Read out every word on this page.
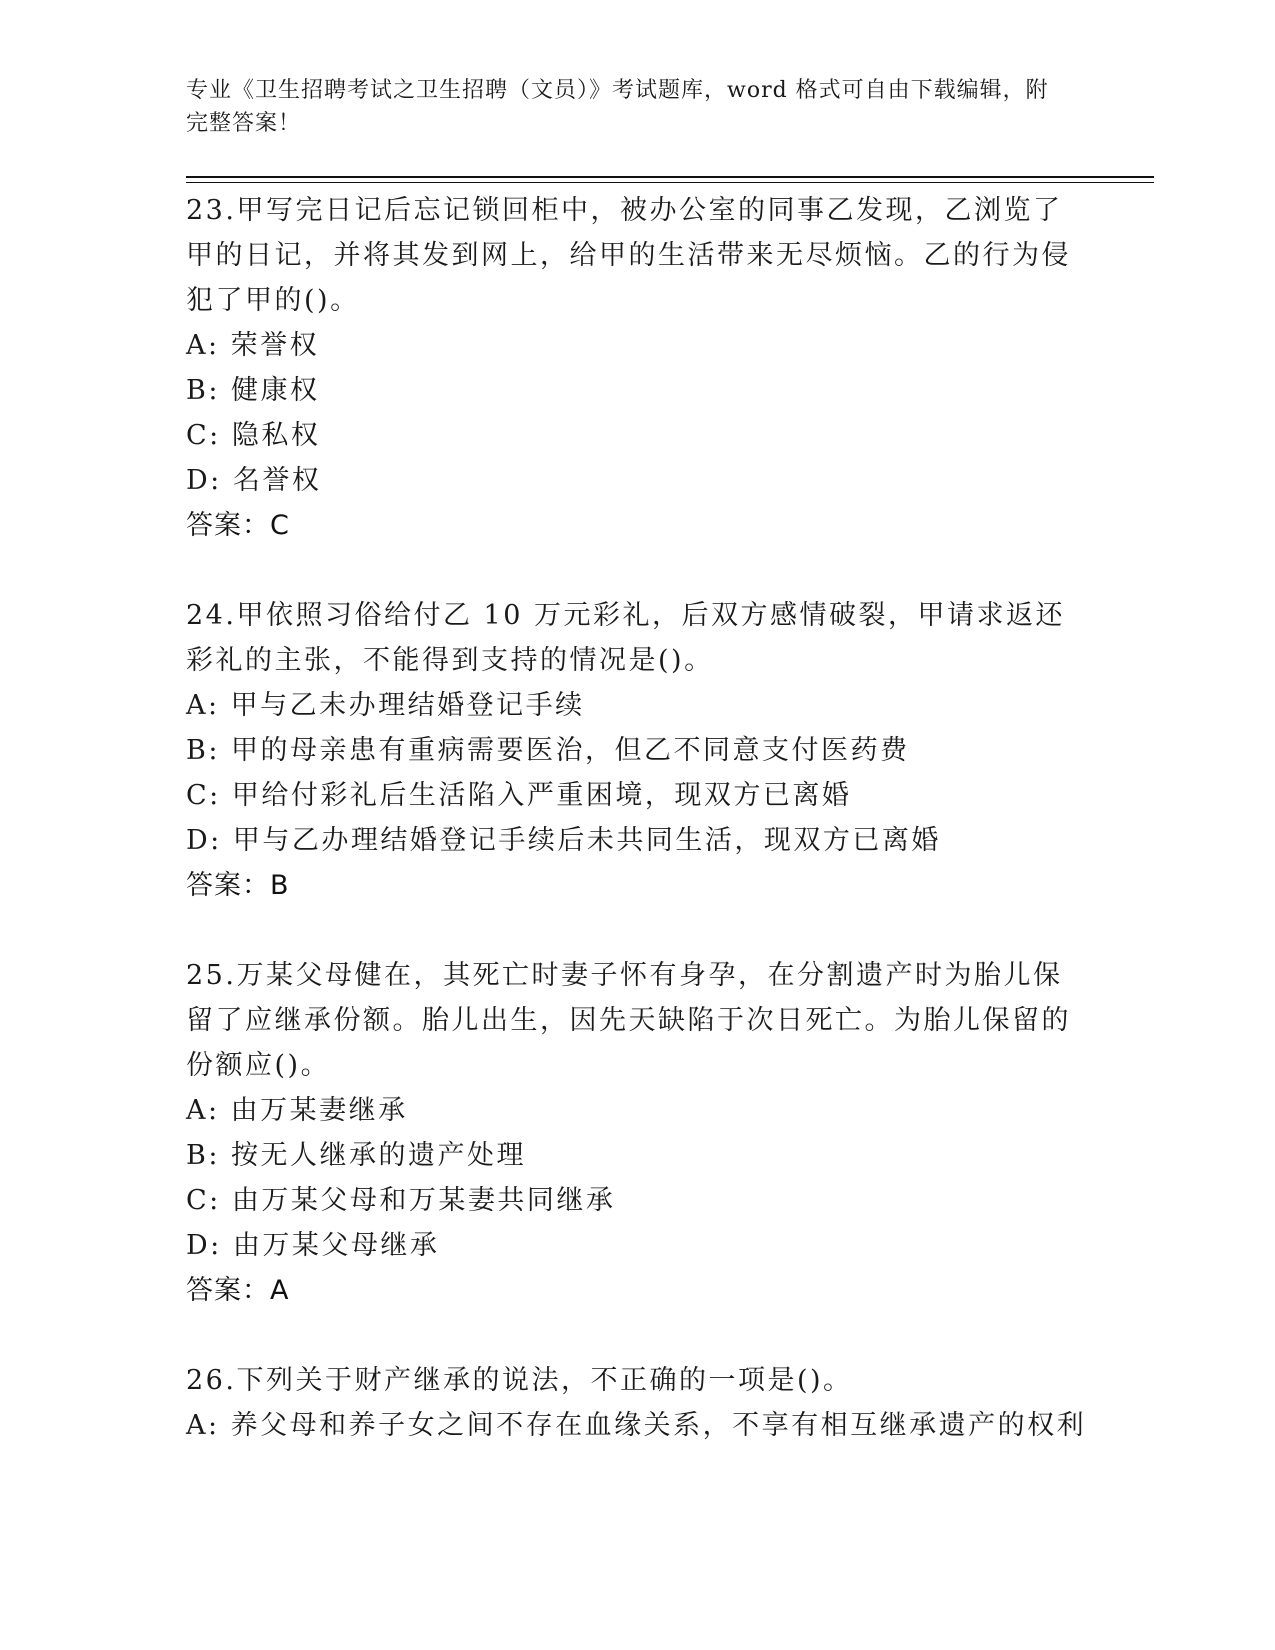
专业《卫生招聘考试之卫生招聘（文员）》考试题库，word 格式可自由下载编辑，附完整答案！

23.甲写完日记后忘记锁回柜中，被办公室的同事乙发现，乙浏览了甲的日记，并将其发到网上，给甲的生活带来无尽烦恼。乙的行为侵犯了甲的()。

A: 荣誉权

B: 健康权

C: 隐私权

D: 名誉权

答案：C

24.甲依照习俗给付乙 10 万元彩礼，后双方感情破裂，甲请求返还彩礼的主张，不能得到支持的情况是()。

A: 甲与乙未办理结婚登记手续

B: 甲的母亲患有重病需要医治，但乙不同意支付医药费

C: 甲给付彩礼后生活陷入严重困境，现双方已离婚

D: 甲与乙办理结婚登记手续后未共同生活，现双方已离婚

答案：B

25.万某父母健在，其死亡时妻子怀有身孕，在分割遗产时为胎儿保留了应继承份额。胎儿出生，因先天缺陷于次日死亡。为胎儿保留的份额应()。

A: 由万某妻继承

B: 按无人继承的遗产处理

C: 由万某父母和万某妻共同继承

D: 由万某父母继承

答案：A

26.下列关于财产继承的说法，不正确的一项是()。

A: 养父母和养子女之间不存在血缘关系，不享有相互继承遗产的权利
